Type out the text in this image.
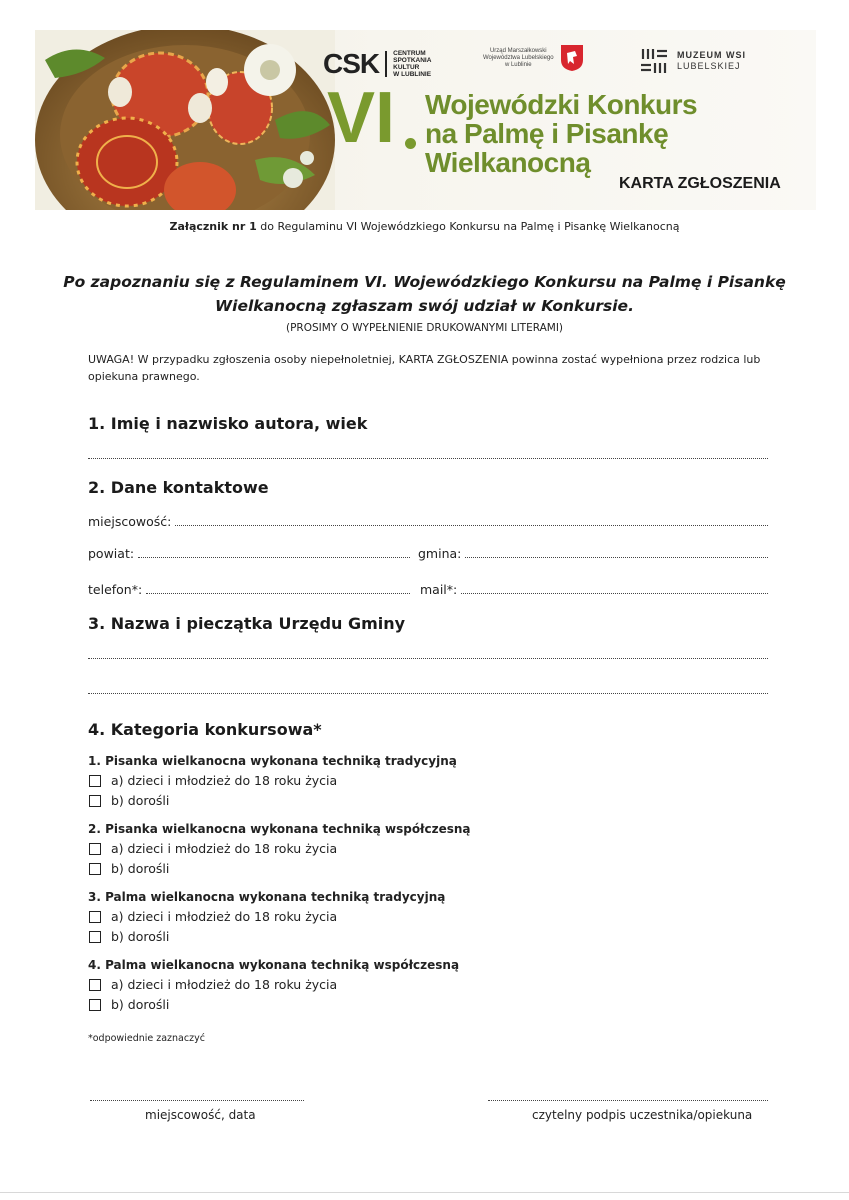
CSK CENTRUM
SPOTKANIA
KULTUR
W LUBLINIE
Urząd Marszałkowski
Województwa Lubelskiego
w Lublinie
MUZEUM WSI
LUBELSKIEJ
VI Wojewódzki Konkurs
na Palmę i Pisankę
Wielkanocną
KARTA ZGŁOSZENIA
Załącznik nr 1 do Regulaminu VI Wojewódzkiego Konkursu na Palmę i Pisankę Wielkanocną
Po zapoznaniu się z Regulaminem VI. Wojewódzkiego Konkursu na Palmę i Pisankę
Wielkanocną zgłaszam swój udział w Konkursie.
(PROSIMY O WYPEŁNIENIE DRUKOWANYMI LITERAMI)
UWAGA! W przypadku zgłoszenia osoby niepełnoletniej, KARTA ZGŁOSZENIA powinna zostać wypełniona przez rodzica lub opiekuna prawnego.
1. Imię i nazwisko autora, wiek
2. Dane kontaktowe
miejscowość:
powiat:	gmina:
telefon*:	mail*:
3. Nazwa i pieczątka Urzędu Gminy
4. Kategoria konkursowa*
1. Pisanka wielkanocna wykonana techniką tradycyjną
a) dzieci i młodzież do 18 roku życia
b) dorośli
2. Pisanka wielkanocna wykonana techniką współczesną
a) dzieci i młodzież do 18 roku życia
b) dorośli
3. Palma wielkanocna wykonana techniką tradycyjną
a) dzieci i młodzież do 18 roku życia
b) dorośli
4. Palma wielkanocna wykonana techniką współczesną
a) dzieci i młodzież do 18 roku życia
b) dorośli
*odpowiednie zaznaczyć
miejscowość, data	czytelny podpis uczestnika/opiekuna
